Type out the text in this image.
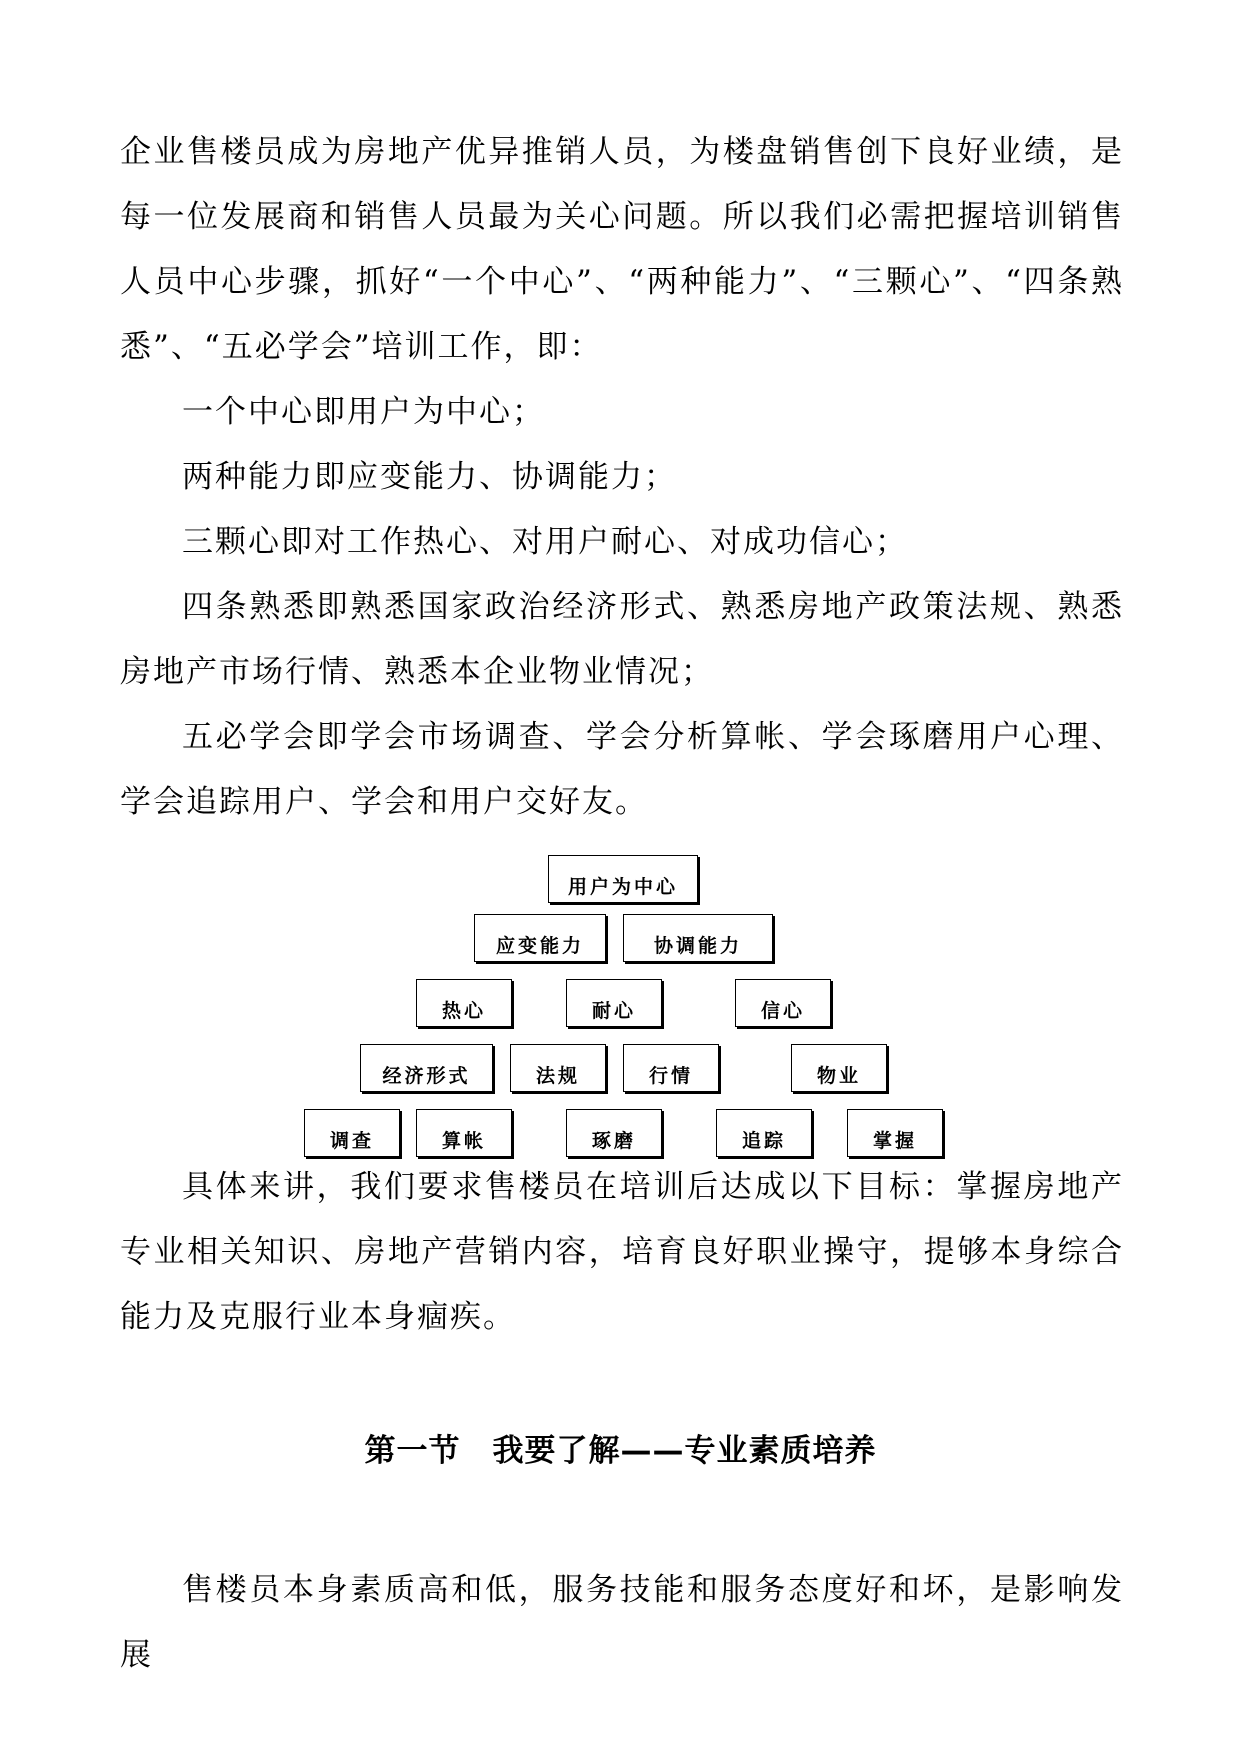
企业售楼员成为房地产优异推销人员，为楼盘销售创下良好业绩，是每一位发展商和销售人员最为关心问题。所以我们必需把握培训销售人员中心步骤，抓好“一个中心”、“两种能力”、“三颗心”、“四条熟悉”、“五必学会”培训工作，即：

一个中心即用户为中心；

两种能力即应变能力、协调能力；

三颗心即对工作热心、对用户耐心、对成功信心；

四条熟悉即熟悉国家政治经济形式、熟悉房地产政策法规、熟悉房地产市场行情、熟悉本企业物业情况；

五必学会即学会市场调查、学会分析算帐、学会琢磨用户心理、学会追踪用户、学会和用户交好友。

用户为中心
应变能力	协调能力
热心	耐心	信心
经济形式	法规	行情	物业
调查	算帐	琢磨	追踪	掌握

具体来讲，我们要求售楼员在培训后达成以下目标：掌握房地产专业相关知识、房地产营销内容，培育良好职业操守，提够本身综合能力及克服行业本身痼疾。

第一节　我要了解——专业素质培养

售楼员本身素质高和低，服务技能和服务态度好和坏，是影响发展
